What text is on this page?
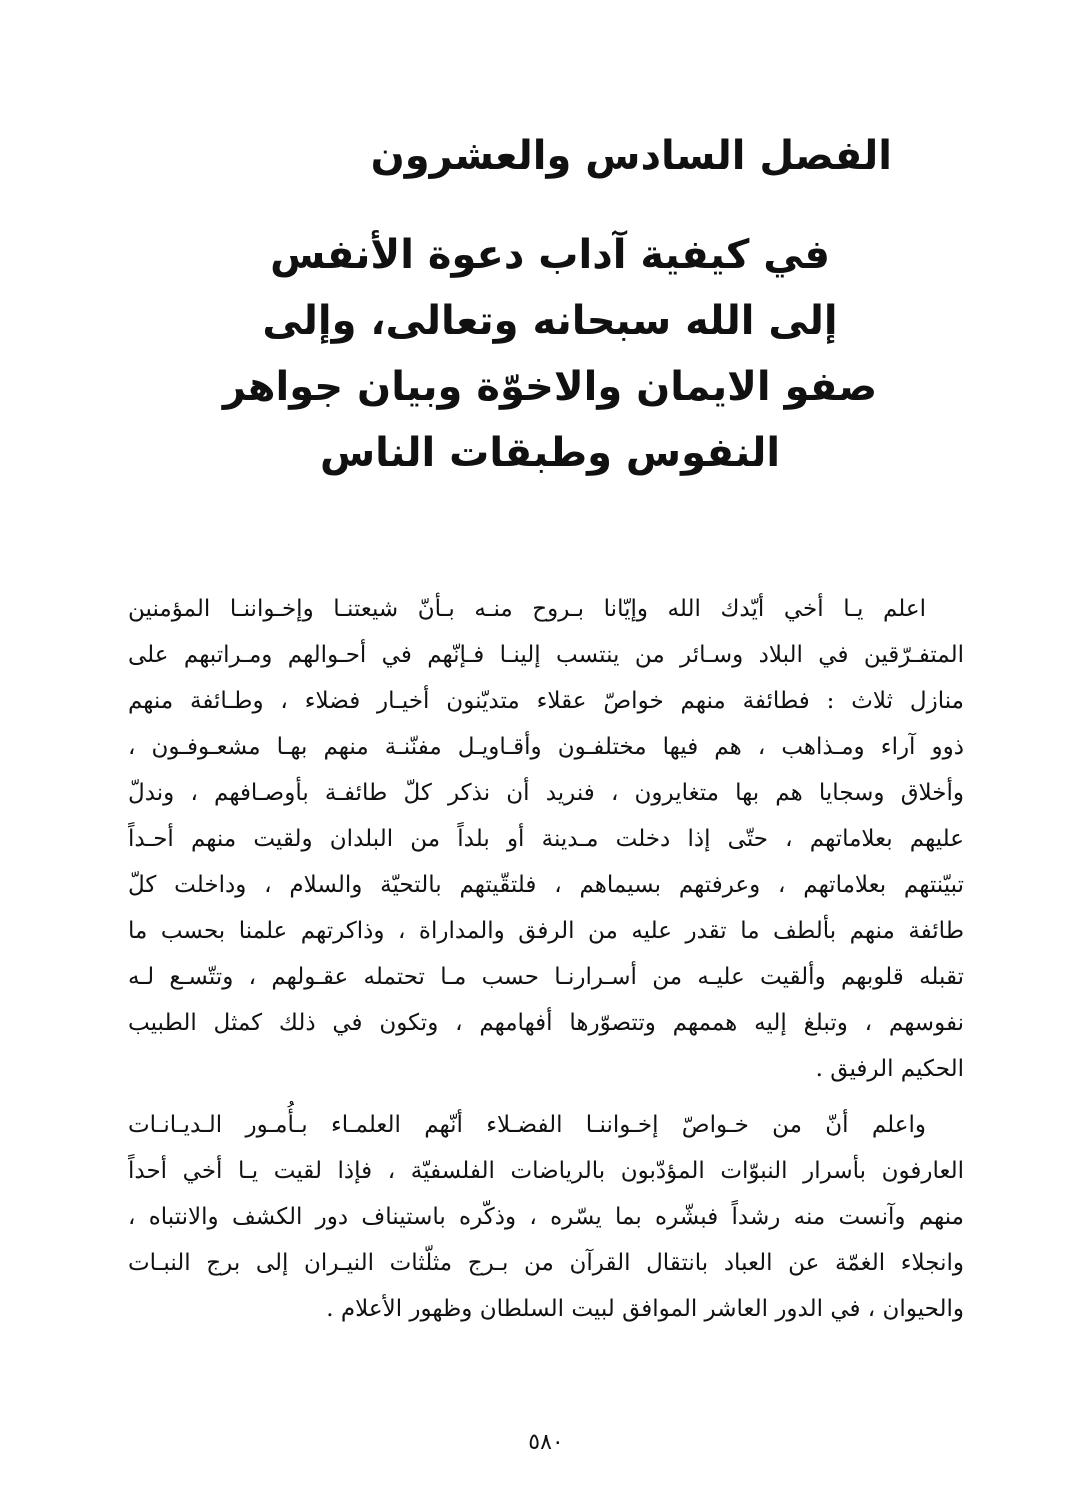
الفصل السادس والعشرون
في كيفية آداب دعوة الأنفس
إلى الله سبحانه وتعالى، وإلى
صفو الايمان والاخوّة وبيان جواهر
النفوس وطبقات الناس
اعلم يـا أخي أيّدك الله وإيّانا بـروح منـه بـأنّ شيعتنـا وإخـواننـا المؤمنين
المتفـرّقين في البلاد وسـائر من ينتسب إلينـا فـإنّهم في أحـوالهم ومـراتبهم على
منازل ثلاث : فطائفة منهم خواصّ عقلاء متديّنون أخيـار فضلاء ، وطـائفة منهم
ذوو آراء ومـذاهب ، هم فيها مختلفـون وأقـاويـل مفنّنـة منهم بهـا مشعـوفـون ،
وأخلاق وسجايا هم بها متغايرون ، فنريد أن نذكر كلّ طائفـة بأوصـافهم ، وندلّ
عليهم بعلاماتهم ، حتّى إذا دخلت مـدينة أو بلداً من البلدان ولقيت منهم أحـداً
تبيّنتهم بعلاماتهم ، وعرفتهم بسيماهم ، فلتقّيتهم بالتحيّة والسلام ، وداخلت كلّ
طائفة منهم بألطف ما تقدر عليه من الرفق والمداراة ، وذاكرتهم علمنا بحسب ما
تقبله قلوبهم وألقيت عليـه من أسـرارنـا حسب مـا تحتمله عقـولهم ، وتتّسـع لـه
نفوسهم ، وتبلغ إليه هممهم وتتصوّرها أفهامهم ، وتكون في ذلك كمثل الطبيب
الحكيم الرفيق .
واعلم أنّ من خـواصّ إخـواننـا الفضـلاء أنّهم العلمـاء بـأُمـور الـديـانـات
العارفون بأسرار النبوّات المؤدّبون بالرياضات الفلسفيّة ، فإذا لقيت يـا أخي أحداً
منهم وآنست منه رشداً فبشّره بما يسّره ، وذكّره باستيناف دور الكشف والانتباه ،
وانجلاء الغمّة عن العباد بانتقال القرآن من بـرج مثلّثات النيـران إلى برج النبـات
والحيوان ، في الدور العاشر الموافق لبيت السلطان وظهور الأعلام .
٥٨٠
